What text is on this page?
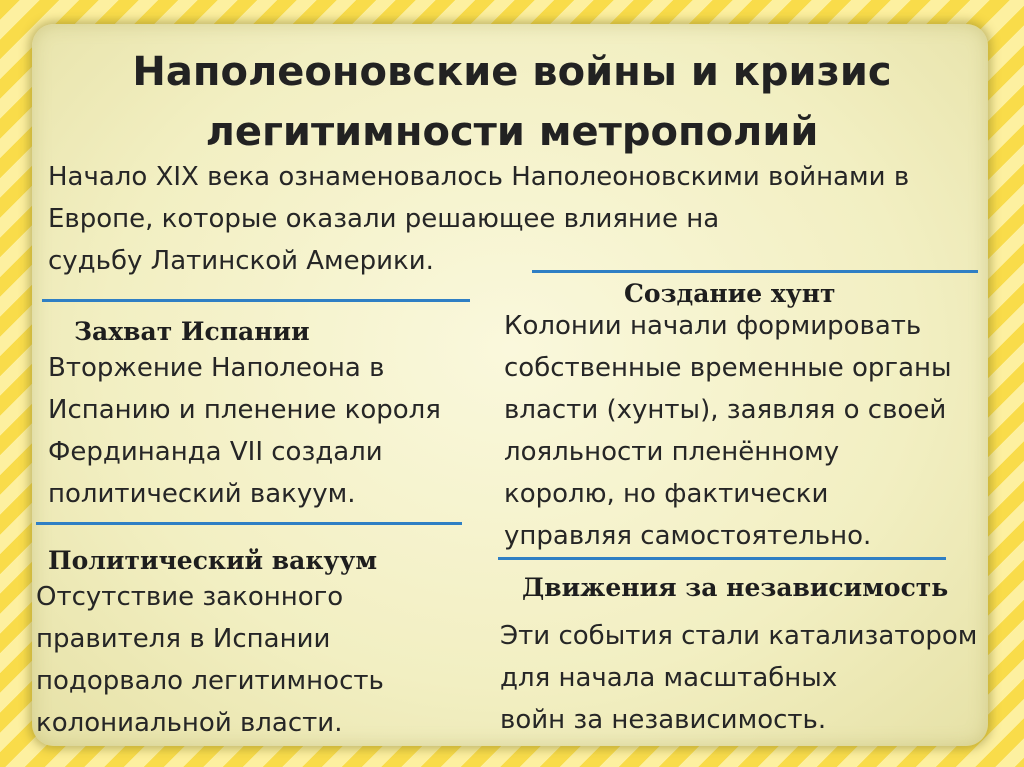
Наполеоновские войны и кризис
легитимности метрополий

Начало XIX века ознаменовалось Наполеоновскими войнами в

Европе, которые оказали решающее влияние на

судьбу Латинской Америки.

Захват Испании

Вторжение Наполеона в

Испанию и пленение короля

Фердинанда VII создали

политический вакуум.

Политический вакуум

Отсутствие законного

правителя в Испании

подорвало легитимность

колониальной власти.

Создание хунт

Колонии начали формировать

собственные временные органы

власти (хунты), заявляя о своей

лояльности пленённому

королю, но фактически

управляя самостоятельно.

Движения за независимость

Эти события стали катализатором

для начала масштабных

войн за независимость.
